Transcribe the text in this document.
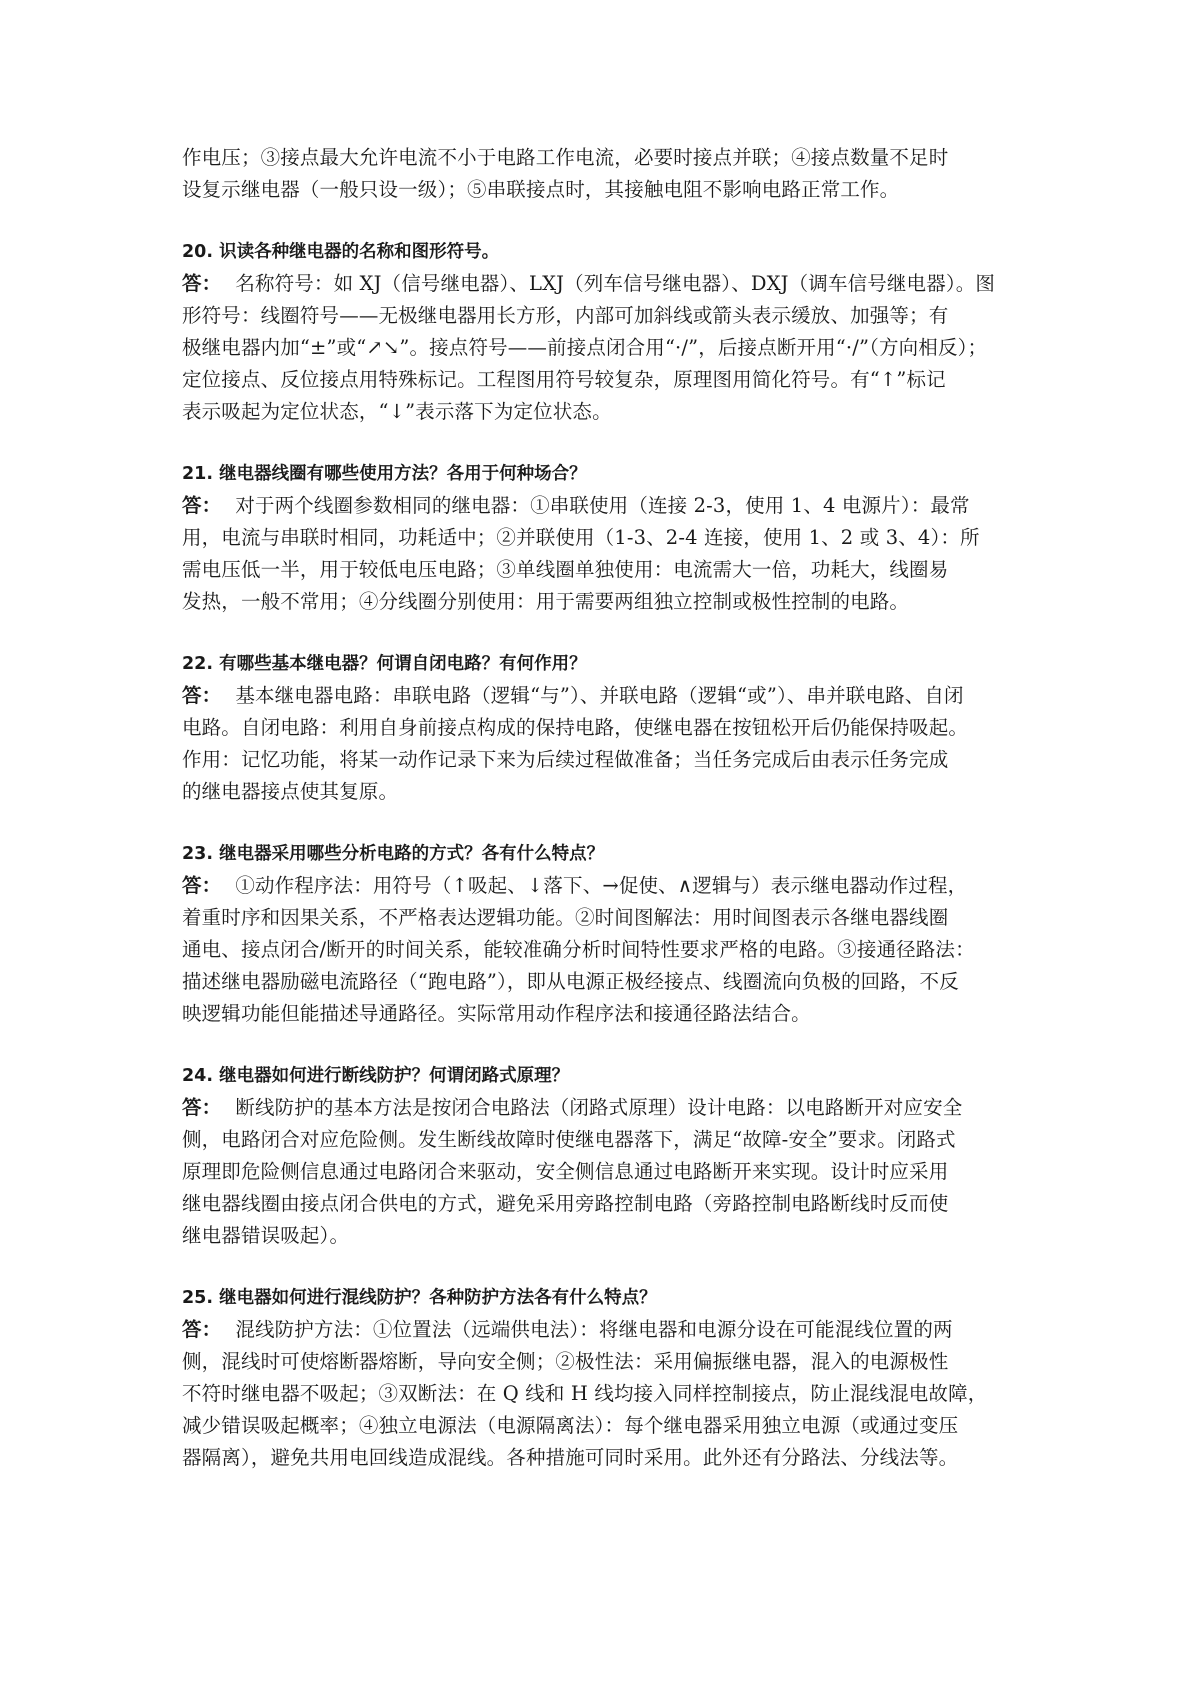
作电压；③接点最大允许电流不小于电路工作电流，必要时接点并联；④接点数量不足时
设复示继电器（一般只设一级）；⑤串联接点时，其接触电阻不影响电路正常工作。
20. 识读各种继电器的名称和图形符号。
答： 名称符号：如 XJ（信号继电器）、LXJ（列车信号继电器）、DXJ（调车信号继电器）。图
形符号：线圈符号——无极继电器用长方形，内部可加斜线或箭头表示缓放、加强等；有
极继电器内加“±”或“↗↘”。接点符号——前接点闭合用“·/”，后接点断开用“·/”（方向相反）；
定位接点、反位接点用特殊标记。工程图用符号较复杂，原理图用简化符号。有“↑”标记
表示吸起为定位状态，“↓”表示落下为定位状态。
21. 继电器线圈有哪些使用方法？各用于何种场合？
答： 对于两个线圈参数相同的继电器：①串联使用（连接 2-3，使用 1、4 电源片）：最常
用，电流与串联时相同，功耗适中；②并联使用（1-3、2-4 连接，使用 1、2 或 3、4）：所
需电压低一半，用于较低电压电路；③单线圈单独使用：电流需大一倍，功耗大，线圈易
发热，一般不常用；④分线圈分别使用：用于需要两组独立控制或极性控制的电路。
22. 有哪些基本继电器？何谓自闭电路？有何作用？
答： 基本继电器电路：串联电路（逻辑“与”）、并联电路（逻辑“或”）、串并联电路、自闭
电路。自闭电路：利用自身前接点构成的保持电路，使继电器在按钮松开后仍能保持吸起。
作用：记忆功能，将某一动作记录下来为后续过程做准备；当任务完成后由表示任务完成
的继电器接点使其复原。
23. 继电器采用哪些分析电路的方式？各有什么特点？
答： ①动作程序法：用符号（↑吸起、↓落下、→促使、∧逻辑与）表示继电器动作过程，
着重时序和因果关系，不严格表达逻辑功能。②时间图解法：用时间图表示各继电器线圈
通电、接点闭合/断开的时间关系，能较准确分析时间特性要求严格的电路。③接通径路法：
描述继电器励磁电流路径（“跑电路”），即从电源正极经接点、线圈流向负极的回路，不反
映逻辑功能但能描述导通路径。实际常用动作程序法和接通径路法结合。
24. 继电器如何进行断线防护？何谓闭路式原理？
答： 断线防护的基本方法是按闭合电路法（闭路式原理）设计电路：以电路断开对应安全
侧，电路闭合对应危险侧。发生断线故障时使继电器落下，满足“故障-安全”要求。闭路式
原理即危险侧信息通过电路闭合来驱动，安全侧信息通过电路断开来实现。设计时应采用
继电器线圈由接点闭合供电的方式，避免采用旁路控制电路（旁路控制电路断线时反而使
继电器错误吸起）。
25. 继电器如何进行混线防护？各种防护方法各有什么特点？
答： 混线防护方法：①位置法（远端供电法）：将继电器和电源分设在可能混线位置的两
侧，混线时可使熔断器熔断，导向安全侧；②极性法：采用偏振继电器，混入的电源极性
不符时继电器不吸起；③双断法：在 Q 线和 H 线均接入同样控制接点，防止混线混电故障，
减少错误吸起概率；④独立电源法（电源隔离法）：每个继电器采用独立电源（或通过变压
器隔离），避免共用电回线造成混线。各种措施可同时采用。此外还有分路法、分线法等。
